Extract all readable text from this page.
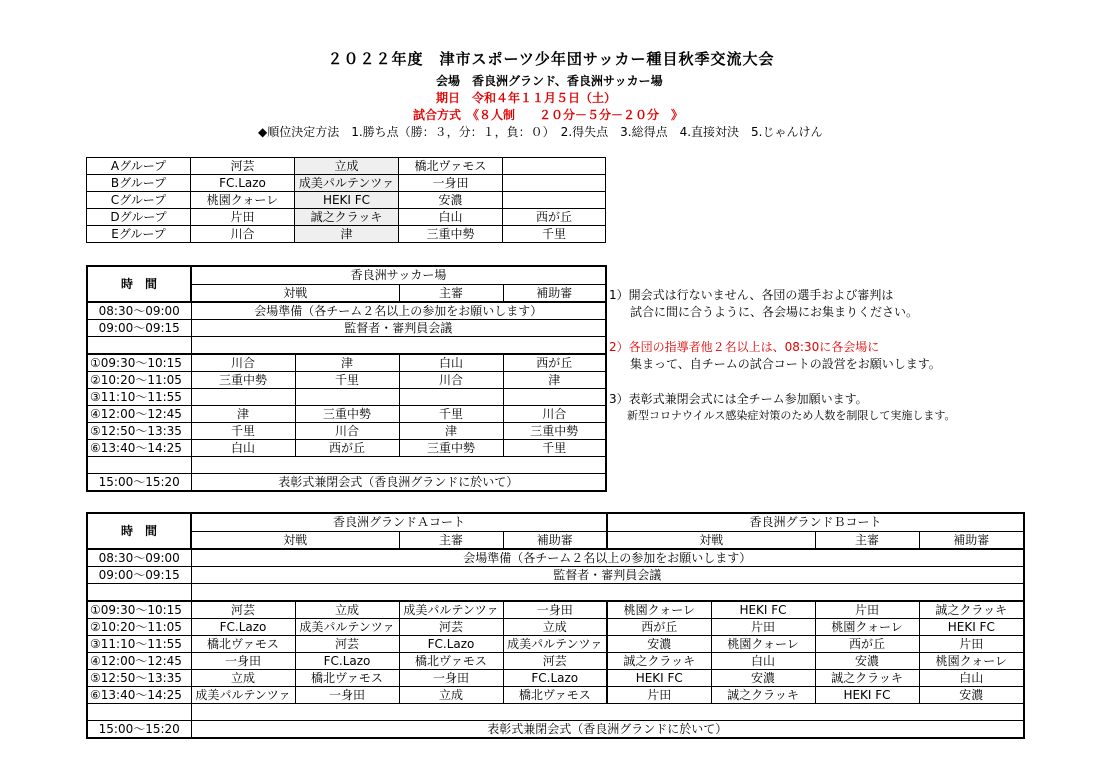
２０２２年度　津市スポーツ少年団サッカー種目秋季交流大会
会場　香良洲グランド、香良洲サッカー場
期日　令和４年１１月５日（土）
試合方式　《８人制　　２０分－５分－２０分　》
◆順位決定方法　1.勝ち点（勝：３，分：１，負：０）　2.得失点　3.総得点　4.直接対決　5.じゃんけん
Aグループ	河芸	立成	橋北ヴァモス	
Bグループ	FC.Lazo	成美パルテンツァ	一身田	
Cグループ	桃園クォーレ	HEKI FC	安濃	
Dグループ	片田	誠之クラッキ	白山	西が丘
Eグループ	川合	津	三重中勢	千里
時　間	香良洲サッカー場			
	対戦		主審	補助審
08:30～09:00	会場準備（各チーム２名以上の参加をお願いします）			
09:00～09:15	監督者・審判員会議			

①09:30～10:15	川合	津	白山	西が丘
②10:20～11:05	三重中勢	千里	川合	津
③11:10～11:55				
④12:00～12:45	津	三重中勢	千里	川合
⑤12:50～13:35	千里	川合	津	三重中勢
⑥13:40～14:25	白山	西が丘	三重中勢	千里

15:00～15:20	表彰式兼閉会式（香良洲グランドに於いて）			
1）開会式は行ないません、各団の選手および審判は
試合に間に合うように、各会場にお集まりください。
2）各団の指導者他２名以上は、08:30に各会場に
集まって、自チームの試合コートの設営をお願いします。
3）表彰式兼閉会式には全チーム参加願います。
新型コロナウイルス感染症対策のため人数を制限して実施します。
時　間	香良洲グランドＡコート				香良洲グランドＢコート			
	対戦		主審	補助審	対戦		主審	補助審
08:30～09:00	会場準備（各チーム２名以上の参加をお願いします）							
09:00～09:15	監督者・審判員会議							

①09:30～10:15	河芸	立成	成美パルテンツァ	一身田	桃園クォーレ	HEKI FC	片田	誠之クラッキ
②10:20～11:05	FC.Lazo	成美パルテンツァ	河芸	立成	西が丘	片田	桃園クォーレ	HEKI FC
③11:10～11:55	橋北ヴァモス	河芸	FC.Lazo	成美パルテンツァ	安濃	桃園クォーレ	西が丘	片田
④12:00～12:45	一身田	FC.Lazo	橋北ヴァモス	河芸	誠之クラッキ	白山	安濃	桃園クォーレ
⑤12:50～13:35	立成	橋北ヴァモス	一身田	FC.Lazo	HEKI FC	安濃	誠之クラッキ	白山
⑥13:40～14:25	成美パルテンツァ	一身田	立成	橋北ヴァモス	片田	誠之クラッキ	HEKI FC	安濃

15:00～15:20	表彰式兼閉会式（香良洲グランドに於いて）							
